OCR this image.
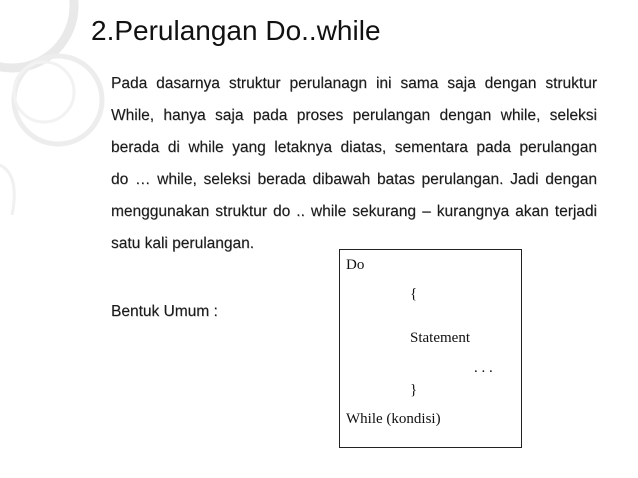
2.Perulangan Do..while
Pada dasarnya struktur perulanagn ini sama saja dengan struktur
While, hanya saja pada proses perulangan dengan while, seleksi
berada di while yang letaknya diatas, sementara pada perulangan
do … while, seleksi berada dibawah batas perulangan. Jadi dengan
menggunakan struktur do .. while sekurang – kurangnya akan terjadi
satu kali perulangan.
Bentuk Umum :
Do
{
Statement
. . .
}
While (kondisi)
